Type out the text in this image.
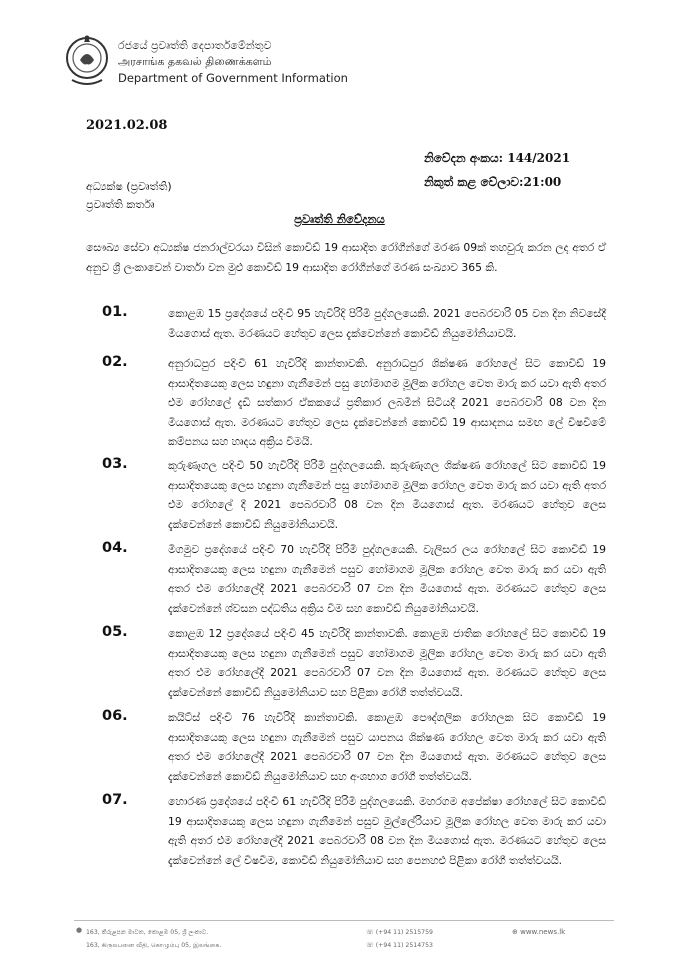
රජයේ ප්‍රවෘත්ති දෙපාර්තමේන්තුව
அரசாங்க தகவல் திணைக்களம்
Department of Government Information
2021.02.08
නිවේදන අංකය: 144/2021
නිකුත් කළ වේලාව:21:00
අධ්‍යක්ෂ (ප්‍රවෘත්ති)
ප්‍රවෘත්ති කර්තෘ
ප්‍රවෘත්ති නිවේදනය
සෞඛ්‍ය සේවා අධ්‍යක්ෂ ජනරාල්වරයා විසින් කොවිඩ් 19 ආසාදිත රෝගීන්ගේ මරණ 09ක් තහවුරු කරන ලද අතර ඒ අනුව ශ්‍රී ලංකාවෙන් වාර්තා වන මුළු කොවිඩ් 19 ආසාදිත රෝගීන්ගේ මරණ සංඛ්‍යාව 365 කි.
01.	කොළඹ 15 ප්‍රදේශයේ පදිංචි 95 හැවිරිදි පිරිමි පුද්ගලයෙකි. 2021 පෙබරවාරි 05 වන දින නිවසේදී මියගොස් ඇත. මරණයට හේතුව ලෙස දැක්වෙන්නේ කොවිඩ් නියුමෝනියාවයි.
02.	අනුරාධපුර පදිංචි 61 හැවිරිදි කාන්තාවකි. අනුරාධපුර ශික්ෂණ රෝහලේ සිට කොවිඩ් 19 ආසාදිතයෙකු ලෙස හඳුනා ගැනීමෙන් පසු හෝමාගම මූලික රෝහල වෙත මාරු කර යවා ඇති අතර එම රෝහලේ දැඩි සත්කාර ඒකකයේ ප්‍රතිකාර ලබමින් සිටියදී 2021 පෙබරවාරි 08 වන දින මියගොස් ඇත. මරණයට හේතුව ලෙස දැක්වෙන්නේ කොවිඩ් 19 ආසාදනය සමඟ ලේ විෂවීමේ කම්පනය සහ හෘදය අක්‍රිය වීමයි.
03.	කුරුණෑගල පදිංචි 50 හැවිරිදි පිරිමි පුද්ගලයෙකි. කුරුණෑගල ශික්ෂණ රෝහලේ සිට කොවිඩ් 19 ආසාදිතයෙකු ලෙස හඳුනා ගැනීමෙන් පසු හෝමාගම මූලික රෝහල වෙත මාරු කර යවා ඇති අතර එම රෝහලේ දී 2021 පෙබරවාරි 08 වන දින මියගොස් ඇත. මරණයට හේතුව ලෙස දැක්වෙන්නේ කොවිඩ් නියුමෝනියාවයි.
04.	මිගමුව ප්‍රදේශයේ පදිංචි 70 හැවිරිදි පිරිමි පුද්ගලයෙකි. වැලිසර ලය රෝහලේ සිට කොවිඩ් 19 ආසාදිතයෙකු ලෙස හඳුනා ගැනීමෙන් පසුව හෝමාගම මූලික රෝහල වෙත මාරු කර යවා ඇති අතර එම රෝහලේදී 2021 පෙබරවාරි 07 වන දින මියගොස් ඇත. මරණයට හේතුව ලෙස දැක්වෙන්නේ ශ්වසන පද්ධතිය අක්‍රිය වීම සහ කොවිඩ් නියුමෝනියාවයි.
05.	කොළඹ 12 ප්‍රදේශයේ පදිංචි 45 හැවිරිදි කාන්තාවකි. කොළඹ ජාතික රෝහලේ සිට කොවිඩ් 19 ආසාදිතයෙකු ලෙස හඳුනා ගැනීමෙන් පසුව හෝමාගම මූලික රෝහල වෙත මාරු කර යවා ඇති අතර එම රෝහලේදී 2021 පෙබරවාරි 07 වන දින මියගොස් ඇත. මරණයට හේතුව ලෙස දැක්වෙන්නේ කොවිඩ් නියුමෝනියාව සහ පිළිකා රෝගී තත්ත්වයයි.
06.	කයිට්ස් පදිංචි 76 හැවිරිදි කාන්තාවකි. කොළඹ පෞද්ගලික රෝහලක සිට කොවිඩ් 19 ආසාදිතයෙකු ලෙස හඳුනා ගැනීමෙන් පසුව යාපනය ශික්ෂණ රෝහල වෙත මාරු කර යවා ඇති අතර එම රෝහලේදී 2021 පෙබරවාරි 07 වන දින මියගොස් ඇත. මරණයට හේතුව ලෙස දැක්වෙන්නේ කොවිඩ් නියුමෝනියාව සහ අංශභාග රෝගී තත්ත්වයයි.
07.	හොරණ ප්‍රදේශයේ පදිංචි 61 හැවිරිදි පිරිමි පුද්ගලයෙකි. මහරගම අපේක්ෂා රෝහලේ සිට කොවිඩ් 19 ආසාදිතයෙකු ලෙස හඳුනා ගැනීමෙන් පසුව මුල්ලේරියාව මූලික රෝහල වෙත මාරු කර යවා ඇති අතර එම රෝහලේදී 2021 පෙබරවාරි 08 වන දින මියගොස් ඇත. මරණයට හේතුව ලෙස දැක්වෙන්නේ ලේ විෂවීම, කොවිඩ් නියුමෝනියාව සහ පෙනහළු පිළිකා රෝගී තත්ත්වයයි.
● 163, කිරුළපන මාවත, කොළඹ 05, ශ්‍රී ලංකාව.
163, கிருலபனை வீதி, கொழும்பு 05, இலங்கை.
☏ (+94 11) 2515759
☏ (+94 11) 2514753
⊕ www.news.lk
